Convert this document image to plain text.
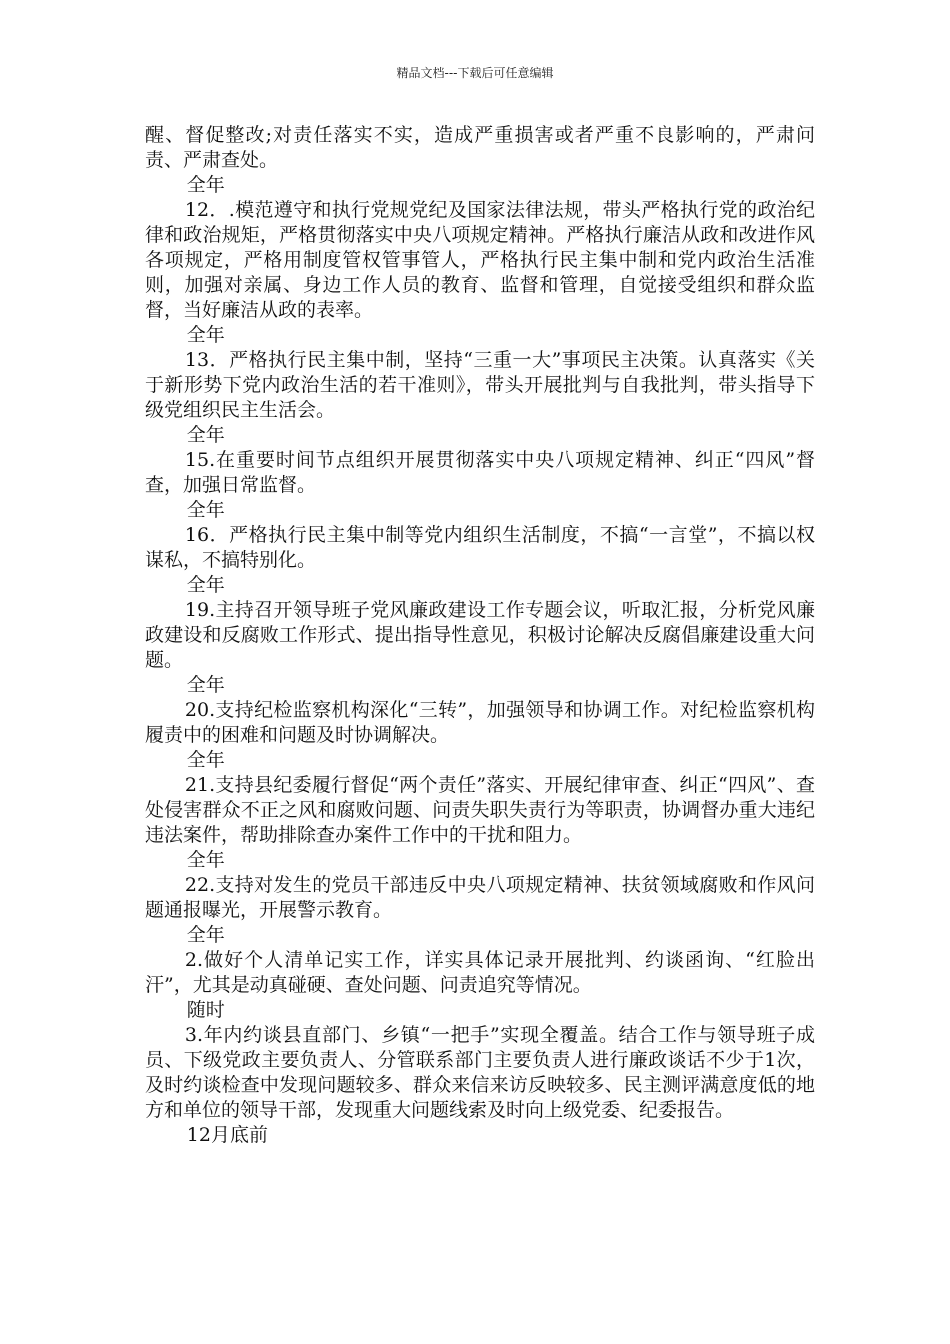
精品文档---下载后可任意编辑

醒、督促整改;对责任落实不实，造成严重损害或者严重不良影响的，严肃问责、严肃查处。

全年

12．.模范遵守和执行党规党纪及国家法律法规，带头严格执行党的政治纪律和政治规矩，严格贯彻落实中央八项规定精神。严格执行廉洁从政和改进作风各项规定，严格用制度管权管事管人，严格执行民主集中制和党内政治生活准则，加强对亲属、身边工作人员的教育、监督和管理，自觉接受组织和群众监督，当好廉洁从政的表率。

全年

13．严格执行民主集中制，坚持“三重一大”事项民主决策。认真落实《关于新形势下党内政治生活的若干准则》，带头开展批判与自我批判，带头指导下级党组织民主生活会。

全年

15.在重要时间节点组织开展贯彻落实中央八项规定精神、纠正“四风”督查，加强日常监督。

全年

16．严格执行民主集中制等党内组织生活制度，不搞“一言堂”，不搞以权谋私，不搞特别化。

全年

19.主持召开领导班子党风廉政建设工作专题会议，听取汇报，分析党风廉政建设和反腐败工作形式、提出指导性意见，积极讨论解决反腐倡廉建设重大问题。

全年

20.支持纪检监察机构深化“三转”，加强领导和协调工作。对纪检监察机构履责中的困难和问题及时协调解决。

全年

21.支持县纪委履行督促“两个责任”落实、开展纪律审查、纠正“四风”、查处侵害群众不正之风和腐败问题、问责失职失责行为等职责，协调督办重大违纪违法案件，帮助排除查办案件工作中的干扰和阻力。

全年

22.支持对发生的党员干部违反中央八项规定精神、扶贫领域腐败和作风问题通报曝光，开展警示教育。

全年

2.做好个人清单记实工作，详实具体记录开展批判、约谈函询、“红脸出汗”，尤其是动真碰硬、查处问题、问责追究等情况。

随时

3.年内约谈县直部门、乡镇“一把手”实现全覆盖。结合工作与领导班子成员、下级党政主要负责人、分管联系部门主要负责人进行廉政谈话不少于1次，及时约谈检查中发现问题较多、群众来信来访反映较多、民主测评满意度低的地方和单位的领导干部，发现重大问题线索及时向上级党委、纪委报告。

12月底前
